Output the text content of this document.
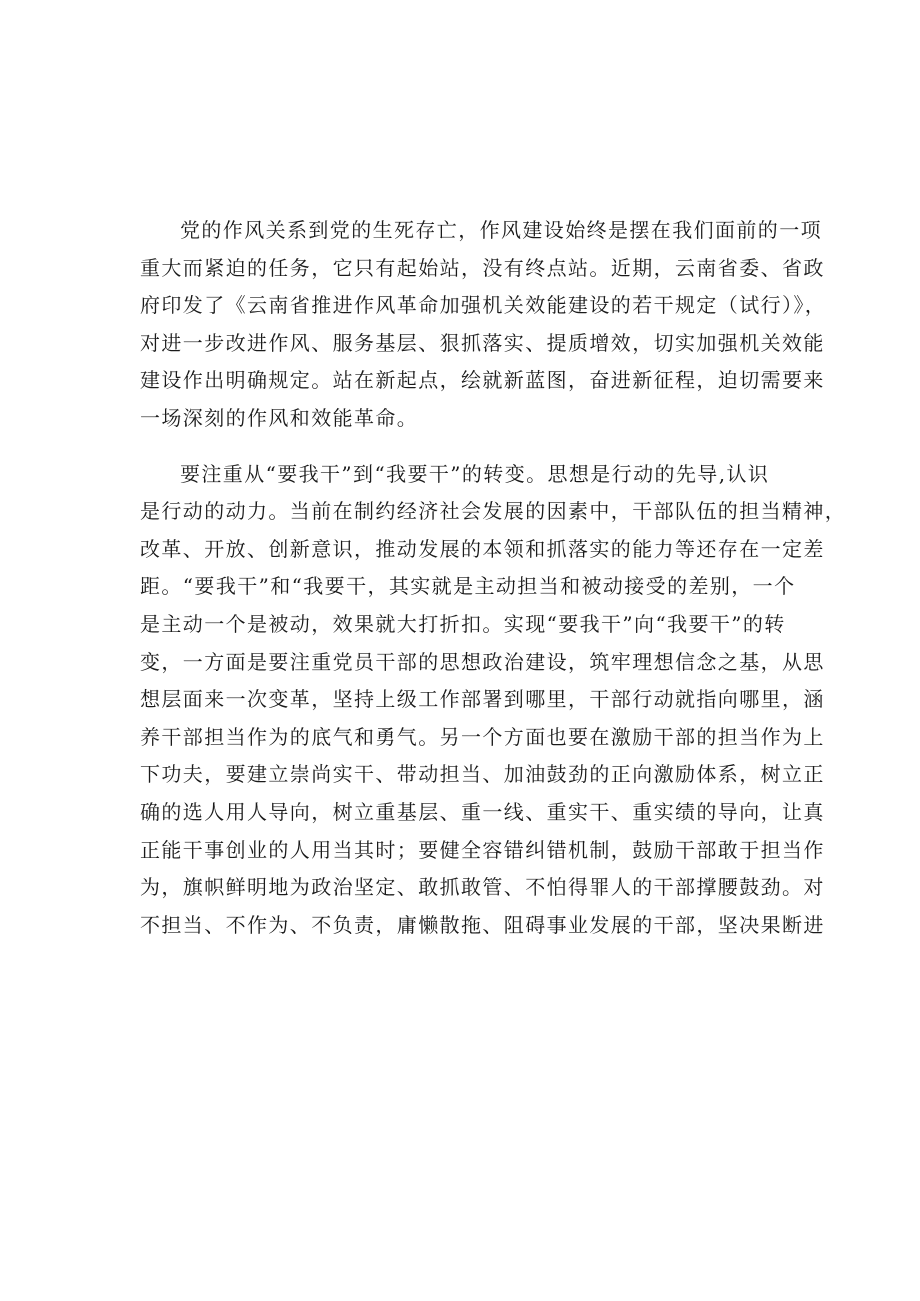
党的作风关系到党的生死存亡，作风建设始终是摆在我们面前的一项
重大而紧迫的任务，它只有起始站，没有终点站。近期，云南省委、省政
府印发了《云南省推进作风革命加强机关效能建设的若干规定（试行）》，
对进一步改进作风、服务基层、狠抓落实、提质增效，切实加强机关效能
建设作出明确规定。站在新起点，绘就新蓝图，奋进新征程，迫切需要来
一场深刻的作风和效能革命。
要注重从“要我干”到“我要干”的转变。思想是行动的先导,认识
是行动的动力。当前在制约经济社会发展的因素中，干部队伍的担当精神，
改革、开放、创新意识，推动发展的本领和抓落实的能力等还存在一定差
距。“要我干”和“我要干，其实就是主动担当和被动接受的差别，一个
是主动一个是被动，效果就大打折扣。实现“要我干”向“我要干”的转
变，一方面是要注重党员干部的思想政治建设，筑牢理想信念之基，从思
想层面来一次变革，坚持上级工作部署到哪里，干部行动就指向哪里，涵
养干部担当作为的底气和勇气。另一个方面也要在激励干部的担当作为上
下功夫，要建立崇尚实干、带动担当、加油鼓劲的正向激励体系，树立正
确的选人用人导向，树立重基层、重一线、重实干、重实绩的导向，让真
正能干事创业的人用当其时；要健全容错纠错机制，鼓励干部敢于担当作
为，旗帜鲜明地为政治坚定、敢抓敢管、不怕得罪人的干部撑腰鼓劲。对
不担当、不作为、不负责，庸懒散拖、阻碍事业发展的干部，坚决果断进
